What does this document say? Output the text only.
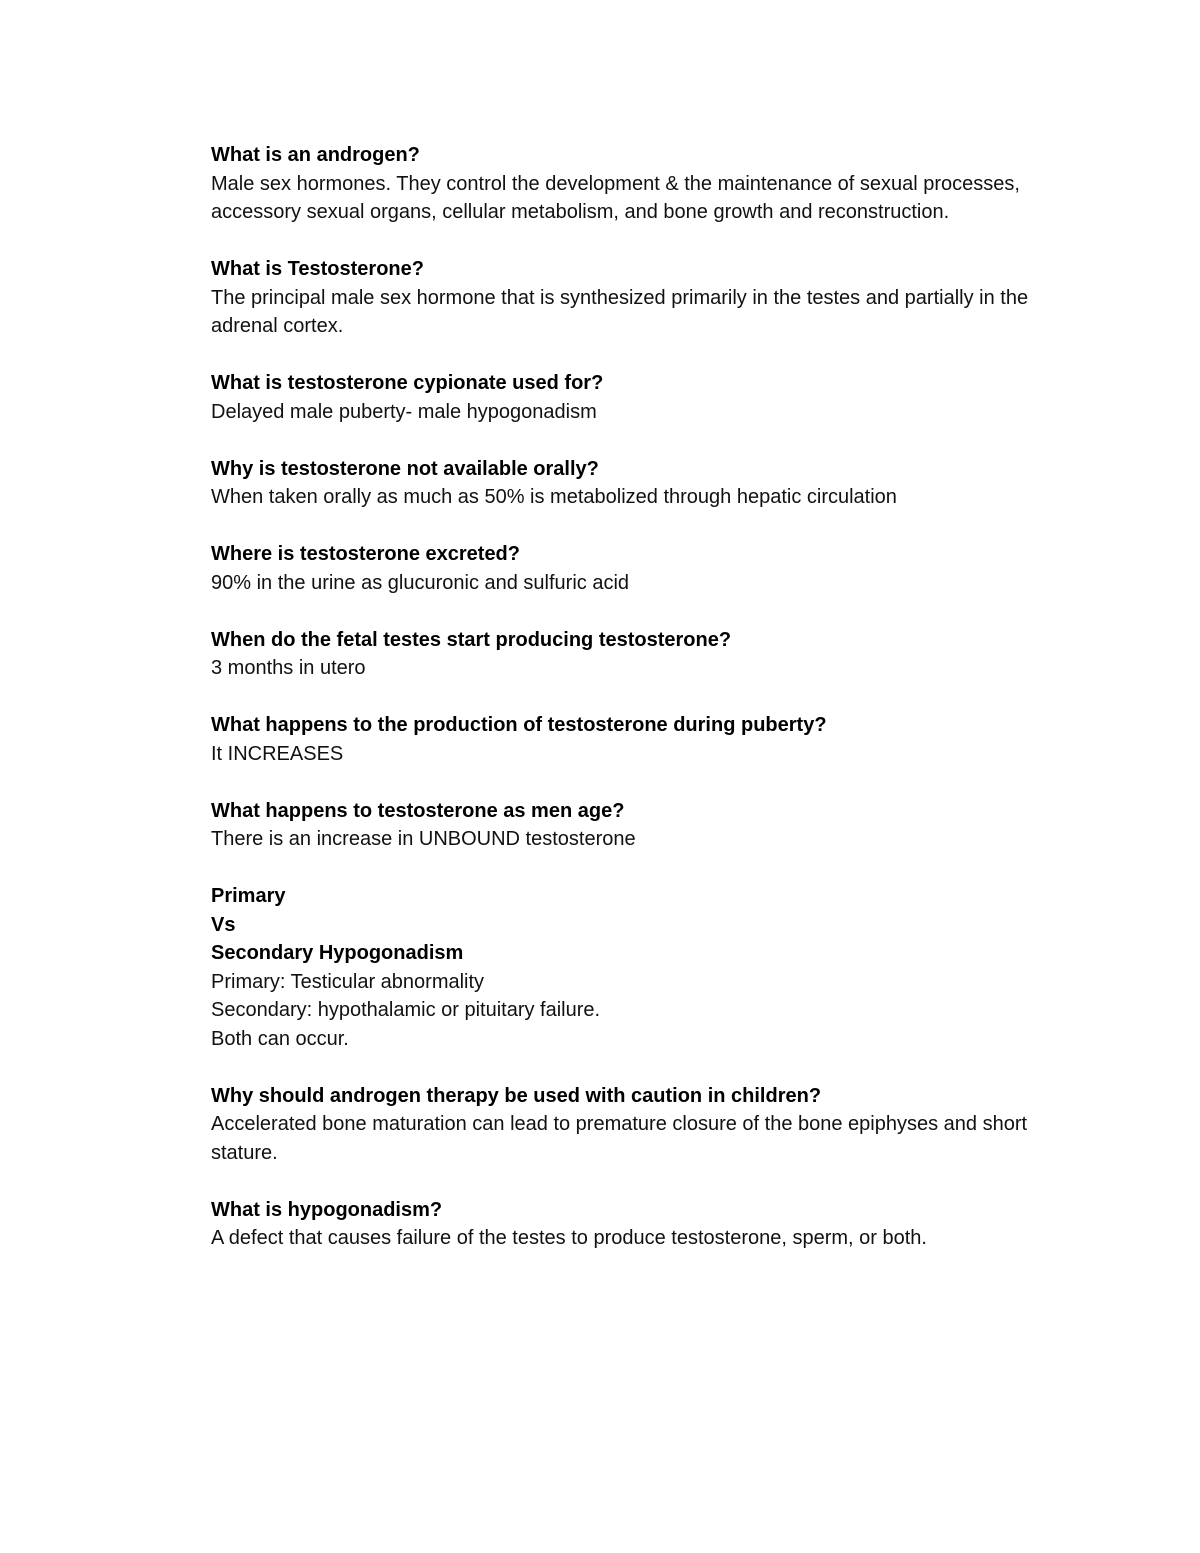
What is an androgen?
Male sex hormones. They control the development & the maintenance of sexual processes, accessory sexual organs, cellular metabolism, and bone growth and reconstruction.
What is Testosterone?
The principal male sex hormone that is synthesized primarily in the testes and partially in the adrenal cortex.
What is testosterone cypionate used for?
Delayed male puberty- male hypogonadism
Why is testosterone not available orally?
When taken orally as much as 50% is metabolized through hepatic circulation
Where is testosterone excreted?
90% in the urine as glucuronic and sulfuric acid
When do the fetal testes start producing testosterone?
3 months in utero
What happens to the production of testosterone during puberty?
It INCREASES
What happens to testosterone as men age?
There is an increase in UNBOUND testosterone
Primary
Vs
Secondary Hypogonadism
Primary: Testicular abnormality
Secondary: hypothalamic or pituitary failure.
Both can occur.
Why should androgen therapy be used with caution in children?
Accelerated bone maturation can lead to premature closure of the bone epiphyses and short stature.
What is hypogonadism?
A defect that causes failure of the testes to produce testosterone, sperm, or both.
